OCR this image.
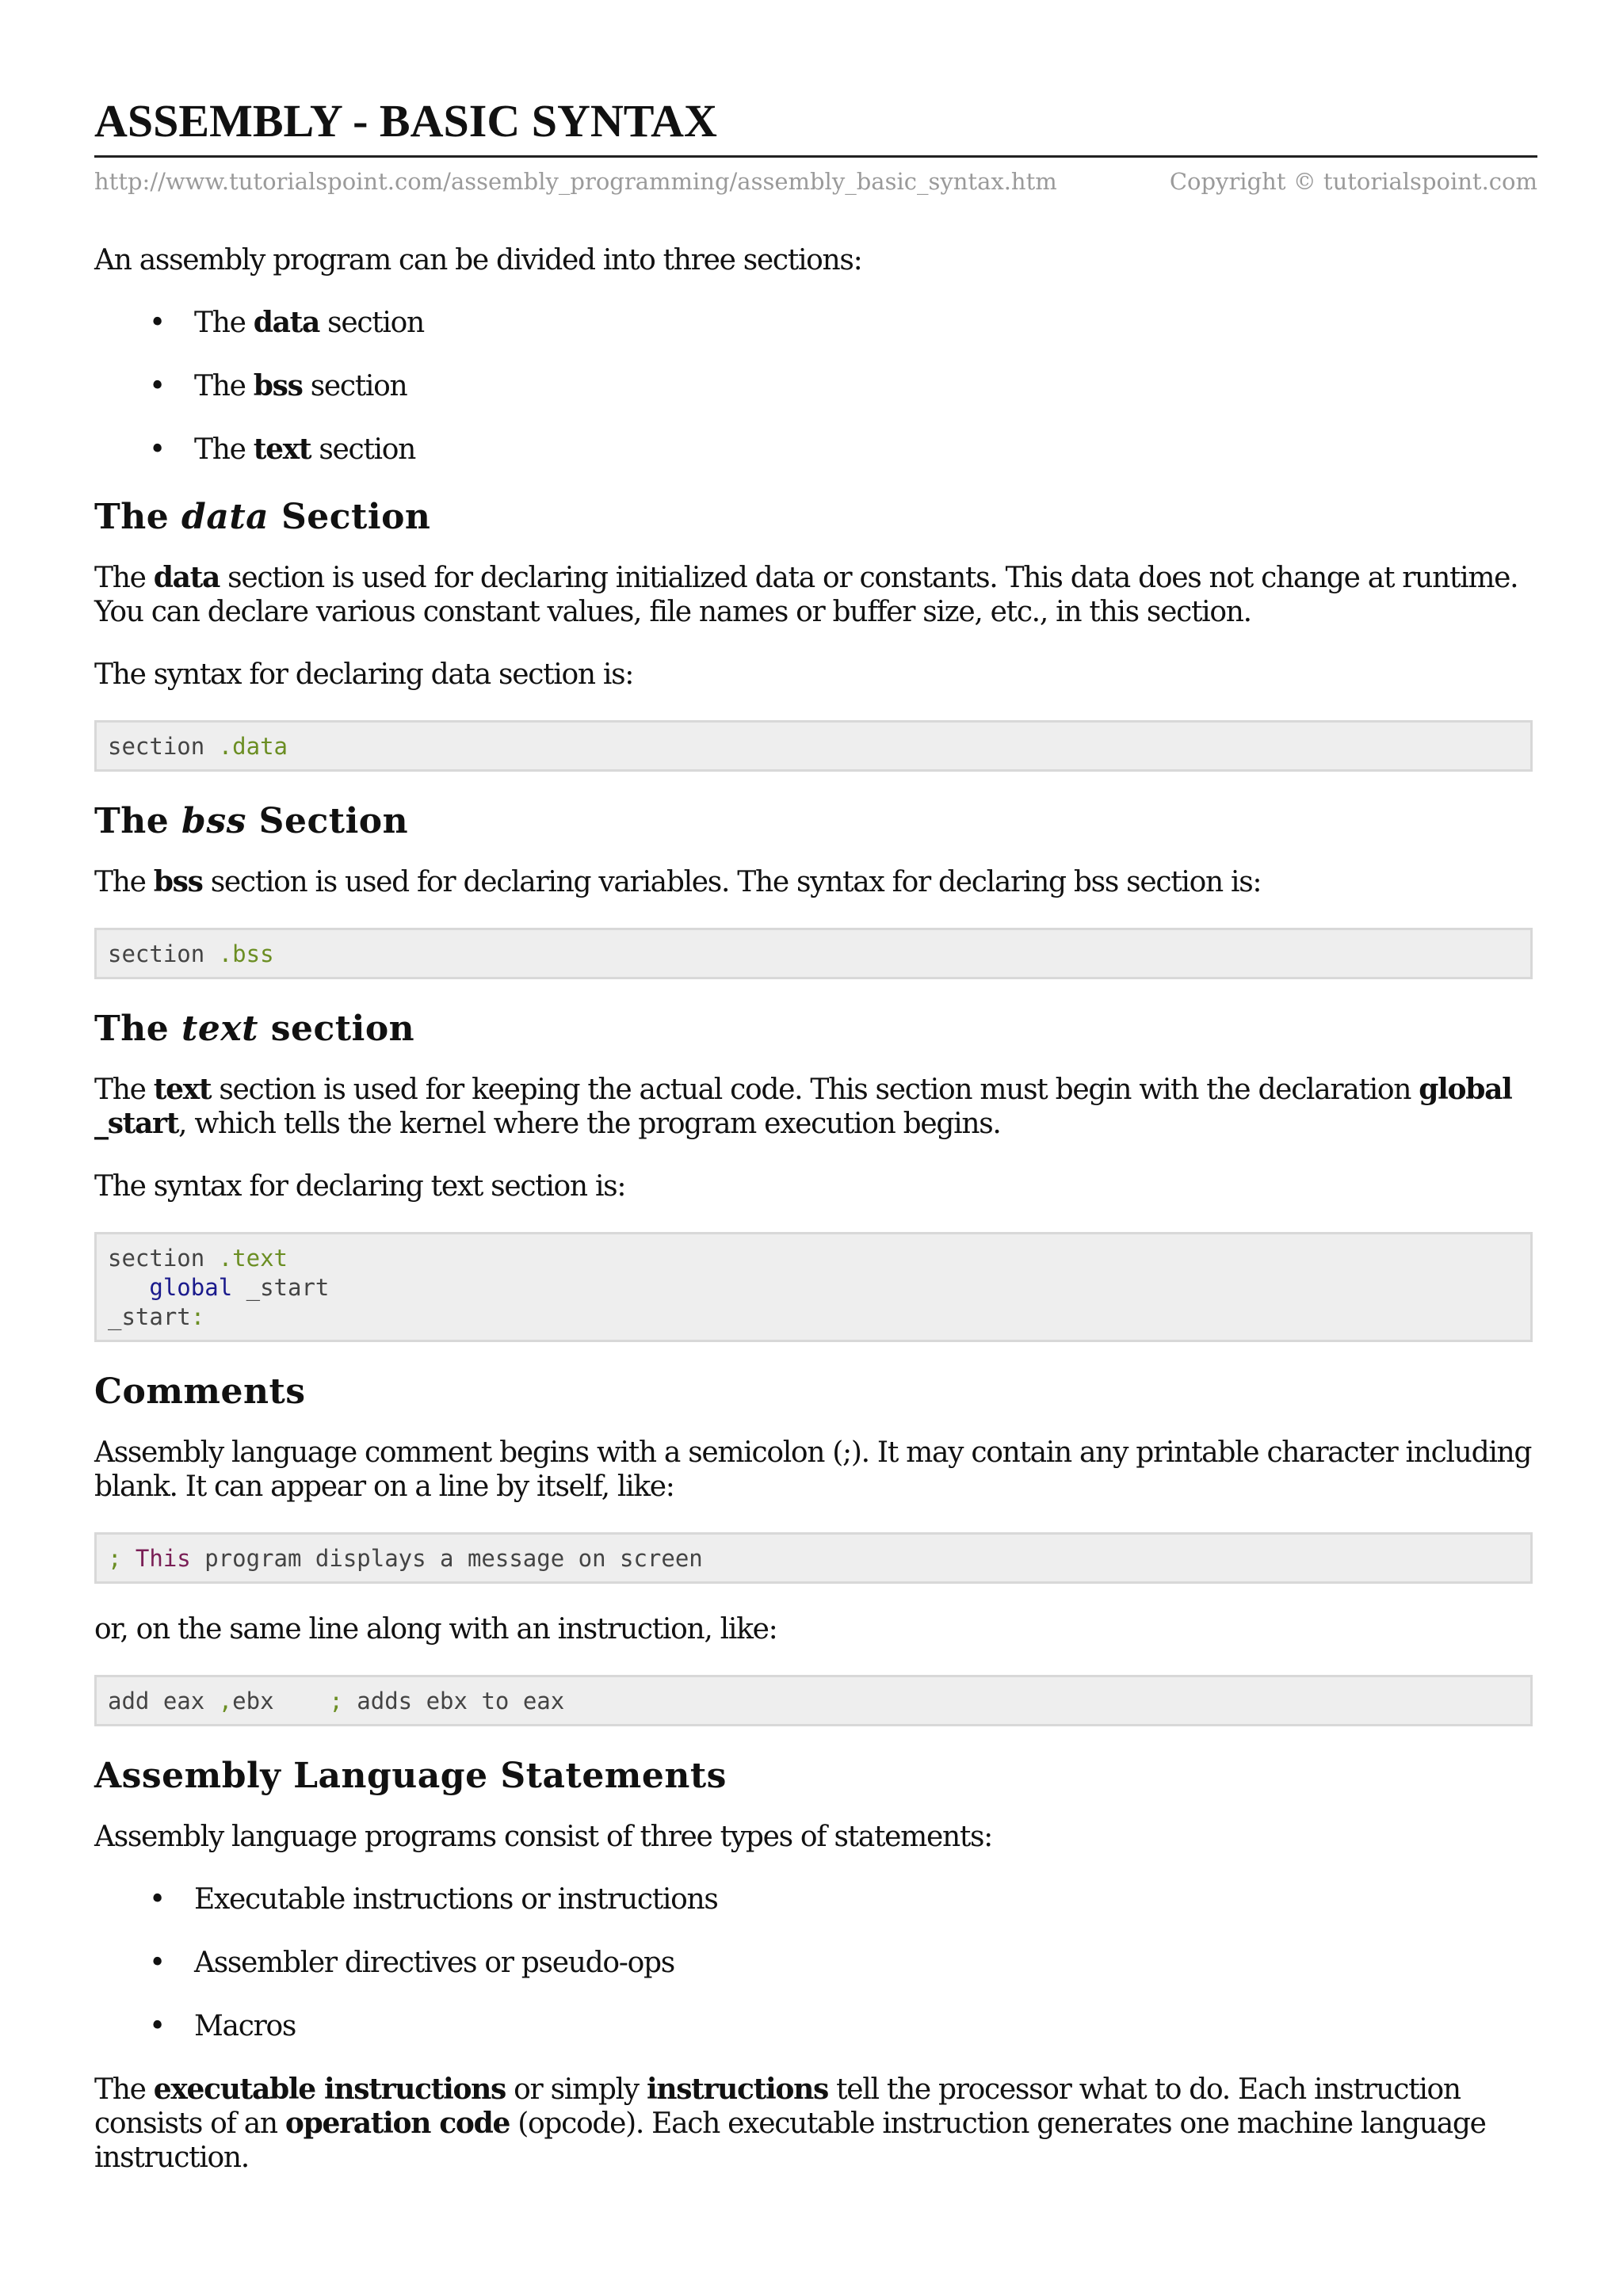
ASSEMBLY - BASIC SYNTAX
http://www.tutorialspoint.com/assembly_programming/assembly_basic_syntax.htm	Copyright © tutorialspoint.com

An assembly program can be divided into three sections:

• The data section
• The bss section
• The text section
The data Section

The data section is used for declaring initialized data or constants. This data does not change at runtime. You can declare various constant values, file names or buffer size, etc., in this section.

The syntax for declaring data section is:

section .data
The bss Section

The bss section is used for declaring variables. The syntax for declaring bss section is:

section .bss
The text section

The text section is used for keeping the actual code. This section must begin with the declaration global _start, which tells the kernel where the program execution begins.

The syntax for declaring text section is:

section .text
global _start
_start:
Comments

Assembly language comment begins with a semicolon (;). It may contain any printable character including blank. It can appear on a line by itself, like:

; This program displays a message on screen

or, on the same line along with an instruction, like:

add eax ,ebx    ; adds ebx to eax
Assembly Language Statements

Assembly language programs consist of three types of statements:

• Executable instructions or instructions
• Assembler directives or pseudo-ops
• Macros

The executable instructions or simply instructions tell the processor what to do. Each instruction consists of an operation code (opcode). Each executable instruction generates one machine language instruction.
